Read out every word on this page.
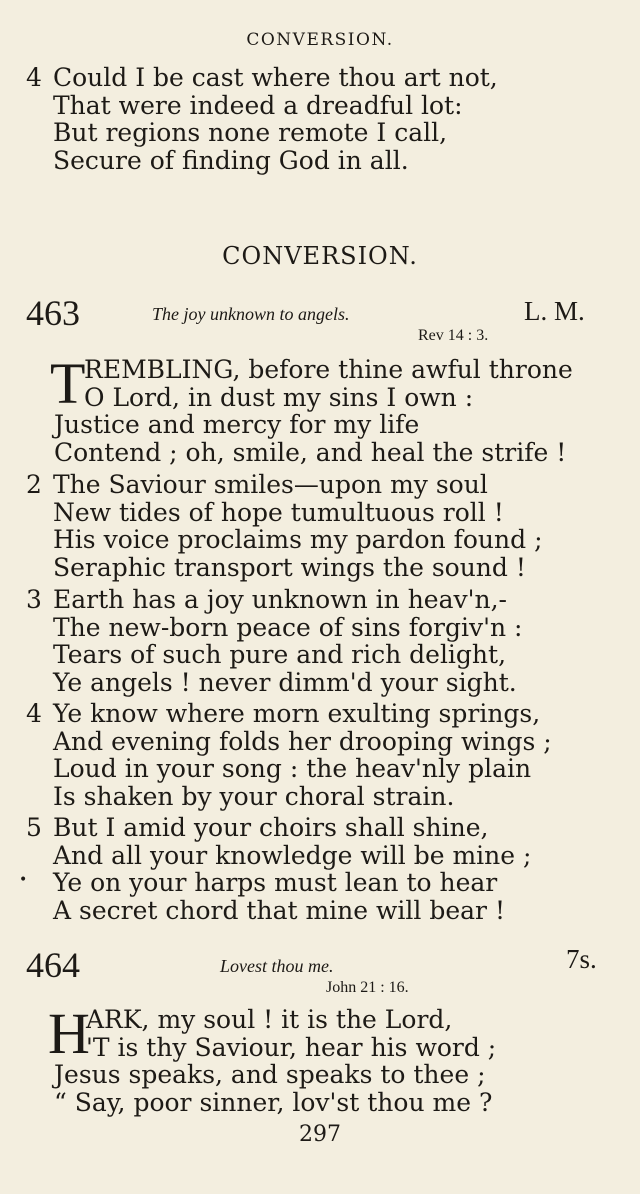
CONVERSION.
4 Could I be cast where thou art not,
That were indeed a dreadful lot:
But regions none remote I call,
Secure of finding God in all.
CONVERSION.
463	The joy unknown to angels.	L. M.
Rev 14 : 3.
T
REMBLING, before thine awful throne
O Lord, in dust my sins I own :
Justice and mercy for my life
Contend ; oh, smile, and heal the strife !
2 The Saviour smiles—upon my soul
New tides of hope tumultuous roll !
His voice proclaims my pardon found ;
Seraphic transport wings the sound !
3 Earth has a joy unknown in heav'n,-
The new-born peace of sins forgiv'n :
Tears of such pure and rich delight,
Ye angels ! never dimm'd your sight.
4 Ye know where morn exulting springs,
And evening folds her drooping wings ;
Loud in your song : the heav'nly plain
Is shaken by your choral strain.
5 But I amid your choirs shall shine,
And all your knowledge will be mine ;
Ye on your harps must lean to hear
A secret chord that mine will bear !
•
464	Lovest thou me.	7s.
John 21 : 16.
H
ARK, my soul ! it is the Lord,
'T is thy Saviour, hear his word ;
Jesus speaks, and speaks to thee ;
“ Say, poor sinner, lov'st thou me ?
297
